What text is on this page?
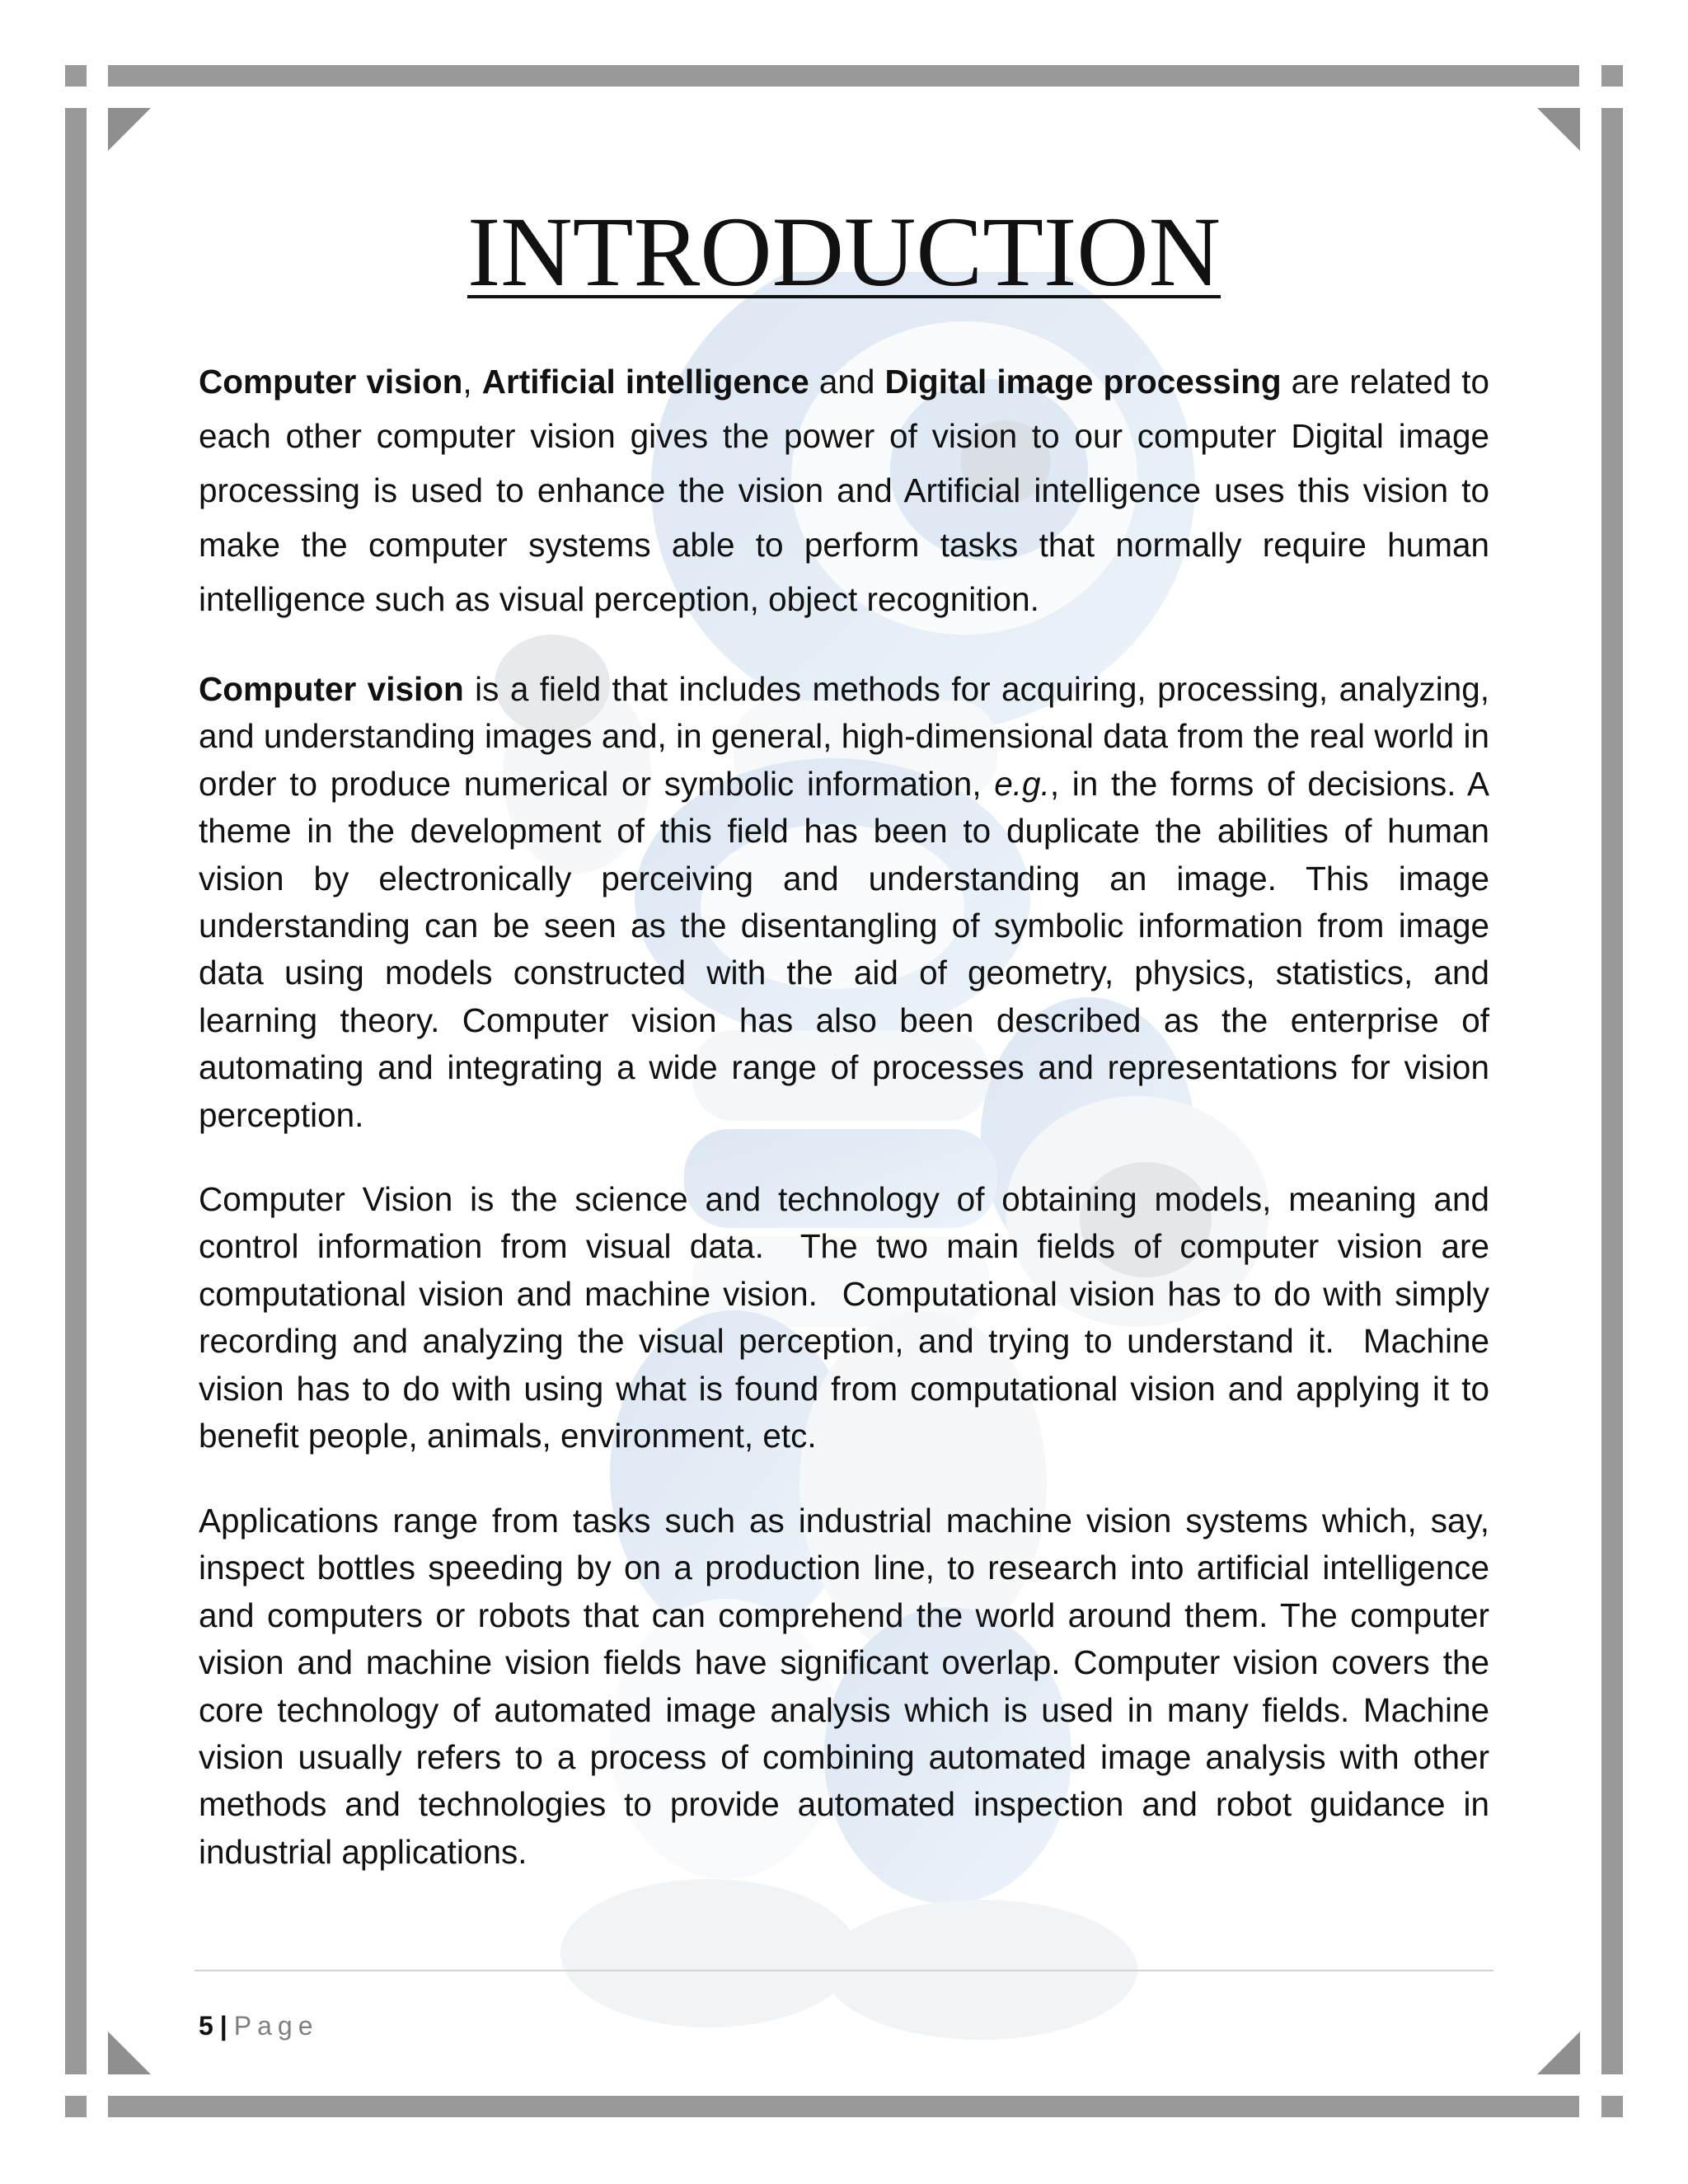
INTRODUCTION

Computer vision, Artificial intelligence and Digital image processing are related to each other computer vision gives the power of vision to our computer Digital image processing is used to enhance the vision and Artificial intelligence uses this vision to make the computer systems able to perform tasks that normally require human intelligence such as visual perception, object recognition.

Computer vision is a field that includes methods for acquiring, processing, analyzing, and understanding images and, in general, high-dimensional data from the real world in order to produce numerical or symbolic information, e.g., in the forms of decisions. A theme in the development of this field has been to duplicate the abilities of human vision by electronically perceiving and understanding an image. This image understanding can be seen as the disentangling of symbolic information from image data using models constructed with the aid of geometry, physics, statistics, and learning theory. Computer vision has also been described as the enterprise of automating and integrating a wide range of processes and representations for vision perception.

Computer Vision is the science and technology of obtaining models, meaning and control information from visual data.  The two main fields of computer vision are computational vision and machine vision.  Computational vision has to do with simply recording and analyzing the visual perception, and trying to understand it.  Machine vision has to do with using what is found from computational vision and applying it to benefit people, animals, environment, etc.

Applications range from tasks such as industrial machine vision systems which, say, inspect bottles speeding by on a production line, to research into artificial intelligence and computers or robots that can comprehend the world around them. The computer vision and machine vision fields have significant overlap. Computer vision covers the core technology of automated image analysis which is used in many fields. Machine vision usually refers to a process of combining automated image analysis with other methods and technologies to provide automated inspection and robot guidance in industrial applications.

5 | Page
